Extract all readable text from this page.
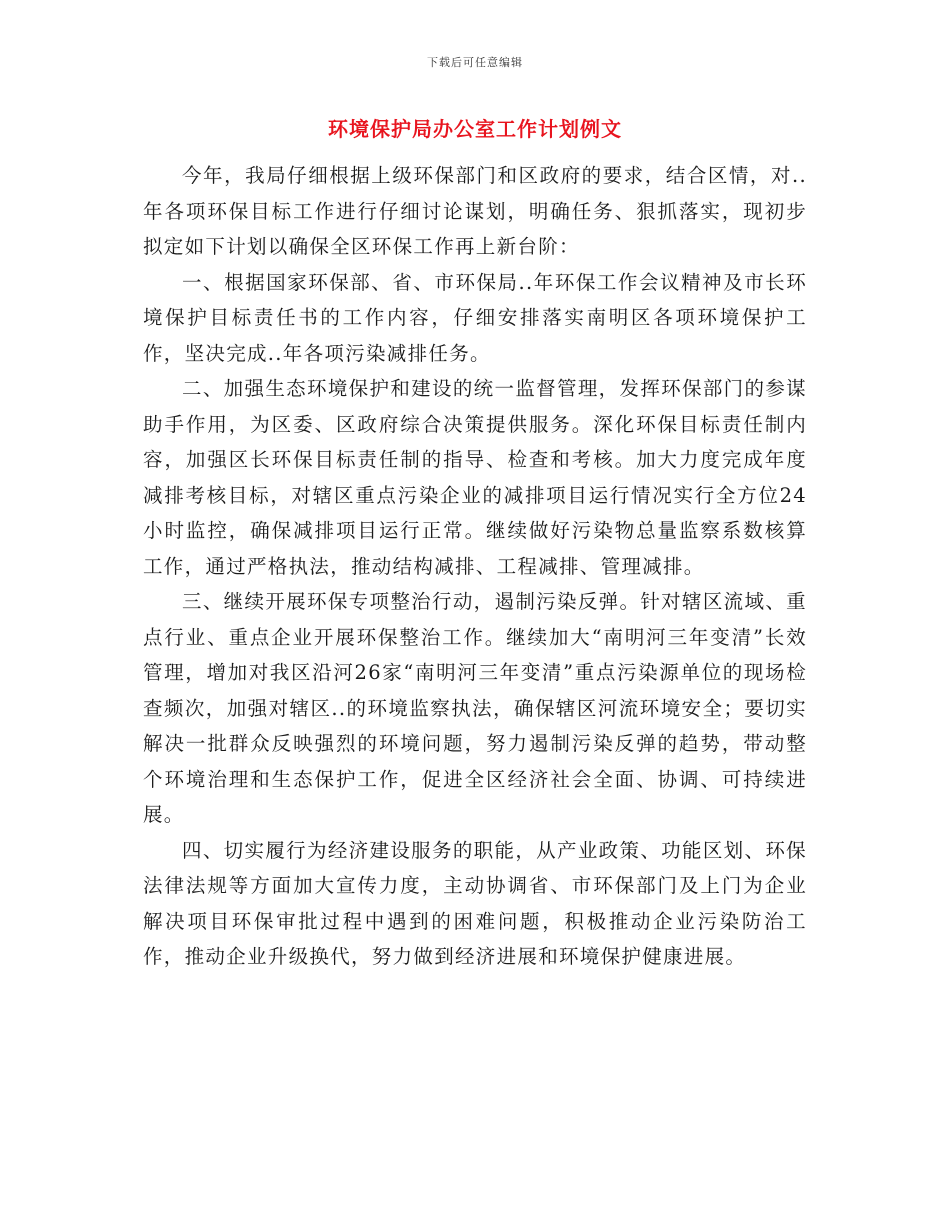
下载后可任意编辑
环境保护局办公室工作计划例文

今年，我局仔细根据上级环保部门和区政府的要求，结合区情，对..年各项环保目标工作进行仔细讨论谋划，明确任务、狠抓落实，现初步拟定如下计划以确保全区环保工作再上新台阶：

一、根据国家环保部、省、市环保局..年环保工作会议精神及市长环境保护目标责任书的工作内容，仔细安排落实南明区各项环境保护工作，坚决完成..年各项污染减排任务。

二、加强生态环境保护和建设的统一监督管理，发挥环保部门的参谋助手作用，为区委、区政府综合决策提供服务。深化环保目标责任制内容，加强区长环保目标责任制的指导、检查和考核。加大力度完成年度减排考核目标，对辖区重点污染企业的减排项目运行情况实行全方位24小时监控，确保减排项目运行正常。继续做好污染物总量监察系数核算工作，通过严格执法，推动结构减排、工程减排、管理减排。

三、继续开展环保专项整治行动，遏制污染反弹。针对辖区流域、重点行业、重点企业开展环保整治工作。继续加大“南明河三年变清”长效管理，增加对我区沿河26家“南明河三年变清”重点污染源单位的现场检查频次，加强对辖区..的环境监察执法，确保辖区河流环境安全；要切实解决一批群众反映强烈的环境问题，努力遏制污染反弹的趋势，带动整个环境治理和生态保护工作，促进全区经济社会全面、协调、可持续进展。

四、切实履行为经济建设服务的职能，从产业政策、功能区划、环保法律法规等方面加大宣传力度，主动协调省、市环保部门及上门为企业解决项目环保审批过程中遇到的困难问题，积极推动企业污染防治工作，推动企业升级换代，努力做到经济进展和环境保护健康进展。
